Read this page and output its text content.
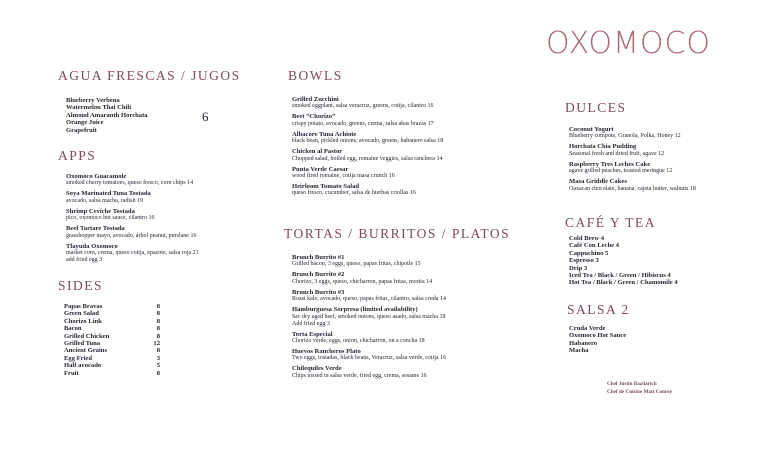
OXOMOCO
AGUA FRESCAS / JUGOS
Blueberry Verbena
Watermelon Thai Chili
Almond Amaranth Horchata
Orange Juice
Grapefruit
6
APPS
Oxomoco Guacamole
smoked cherry tomatoes, queso fresco, corn chips 14
Soya Marinated Tuna Tostada
avocado, salsa macha, radish 19
Shrimp Ceviche Tostada
pico, oxomoco hot sauce, cilantro 16
Beef Tartare Tostada
grasshopper mayo, avocado, árbol peanut, purslane 16
Tlayuda Oxomoco
market corn, crema, queso cotija, epazote, salsa roja 21
add fried egg 3
SIDES
Papas Bravas	8
Green Salad	8
Chorizo Link	8
Bacon	8
Grilled Chicken	8
Grilled Tuna	12
Ancient Grains	8
Egg Fried	3
Half avocado	5
Fruit	8
BOWLS
Grilled Zucchini
smoked eggplant, salsa veracruz, greens, cotija, cilantro 16
Beet “Chorizo”
crispy potato, avocado, greens, crema, salsa abas brazas 17
Albacore Tuna Achiote
black bean, pickled onions, avocado, greens, habanero salsa 18
Chicken al Pastor
Chopped salad, boiled egg, romaine veggies, salsa ranchera 14
Punta Verde Caesar
wood fired romaine, cotija masa crunch 16
Heirloom Tomato Salad
queso fresco, cucumber, salsa de hierbas criollas 16
TORTAS / BURRITOS / PLATOS
Brunch Burrito #1
Grilled bacon, 3 eggs, queso, papas fritas, chipotle 15
Brunch Burrito #2
Chorizo, 3 eggs, queso, chicharron, papas fritas, morita 14
Brunch Burrito #3
Roast kale, avocado, queso, papas fritas, cilantro, salsa cruda 14
Hamburguesa Sorpresa (limited availability)
Sec dry aged beef, smoked onions, queso asado, salsa macha 18
Add fried egg 3
Torta Especial
Chorizo verde, eggs, onion, chicharron, on a concha 18
Huevos Rancheros Plato
Two eggs, tostadas, black beans, Veracruz, salsa verde, cotija 16
Chilequiles Verde
Chips tossed in salsa verde, fried egg, crema, sesame 16
DULCES
Coconut Yogurt
Blueberry compote, Granola, Polka, Honey 12
Horchata Chia Pudding
Seasonal fresh and dried fruit, agave 12
Raspberry Tres Leches Cake
agave grilled peaches, toasted meringue 12
Masa Griddle Cakes
Oaxacan chocolate, banana, cajeta butter, walnuts 18
CAFÉ Y TEA
Cold Brew 4
Café Con Leche 4
Cappuchino 5
Espresso 3
Drip 3
Iced Tea / Black / Green / Hibiscus 4
Hot Tea / Black / Green / Chamomile 4
SALSA 2
Cruda Verde
Oxomoco Hot Sauce
Habanero
Macha
Chef Justin Bazdarich
Chef de Cuisine Matt Conroy
